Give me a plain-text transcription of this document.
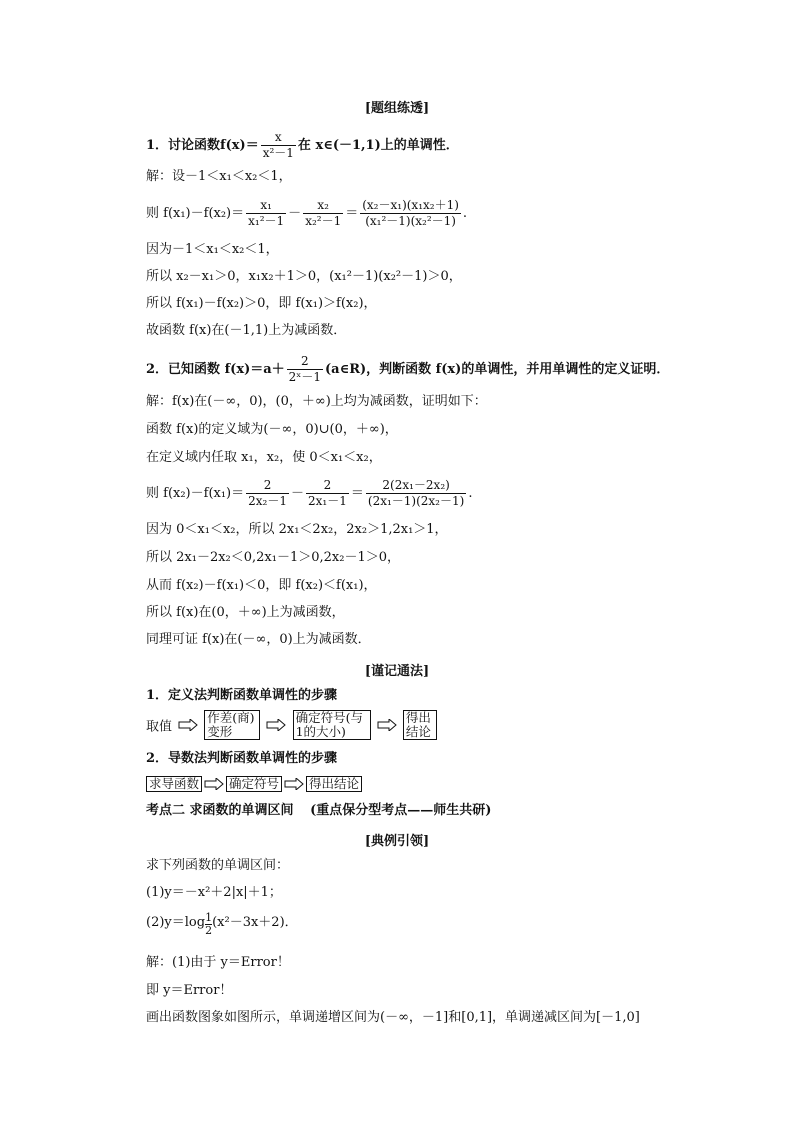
[题组练透]
1．讨论函数$f(x)= \frac{x}{\text{x²－1}}$ 在 x∈(－1,1)上的单调性．
解：设－1＜x₁＜x₂＜1，
则 $f(x_1)-f(x_2)= \frac{\text{x₁}}{\text{x₁²－1}} - \frac{\text{x₂}}{\text{x₂²－1}} = \frac{\text{(x₂－x₁)(x₁x₂＋1)}}{\text{(x₁²－1)(x₂²－1)}}$ .
因为－1＜x₁＜x₂＜1，
所以 x₂－x₁＞0，x₁x₂＋1＞0，(x₁²－1)(x₂²－1)＞0，
所以 f(x₁)－f(x₂)＞0，即 f(x₁)＞f(x₂)，
故函数 f(x)在(－1,1)上为减函数．
2．已知函数 $f(x)=a+ \frac{2}{\text{2ˣ－1}}$ (a∈R)，判断函数 f(x)的单调性，并用单调性的定义证明．
解：f(x)在(－∞，0)，(0，＋∞)上均为减函数，证明如下：
函数 f(x)的定义域为(－∞，0)∪(0，＋∞)，
在定义域内任取 x₁，x₂，使 0＜x₁＜x₂，
则 $f(x_2)-f(x_1)= \frac{2}{\text{2x₂－1}} - \frac{2}{\text{2x₁－1}} = \frac{\text{2(2x₁－2x₂)}}{\text{(2x₁－1)(2x₂－1)}}$ .
因为 0＜x₁＜x₂，所以 2x₁＜2x₂，2x₂＞1,2x₁＞1，
所以 2x₁－2x₂＜0,2x₁－1＞0,2x₂－1＞0，
从而 f(x₂)－f(x₁)＜0，即 f(x₂)＜f(x₁)，
所以 f(x)在(0，＋∞)上为减函数，
同理可证 f(x)在(－∞，0)上为减函数．
[谨记通法]
1．定义法判断函数单调性的步骤
取值  作差(商)变形  确定符号(与1的大小)  得出结论
2．导数法判断函数单调性的步骤
求导函数 确定符号 得出结论
考点二 求函数的单调区间 (重点保分型考点——师生共研)
[典例引领]
求下列函数的单调区间：
(1)y＝－x²＋2|x|＋1；
$(2)y=\log \frac{1}{2} (x^2-3x+2)$．
解：(1)由于 y＝Error！
即 y＝Error！
画出函数图象如图所示，单调递增区间为(－∞，－1]和[0,1]，单调递减区间为[－1,0]
